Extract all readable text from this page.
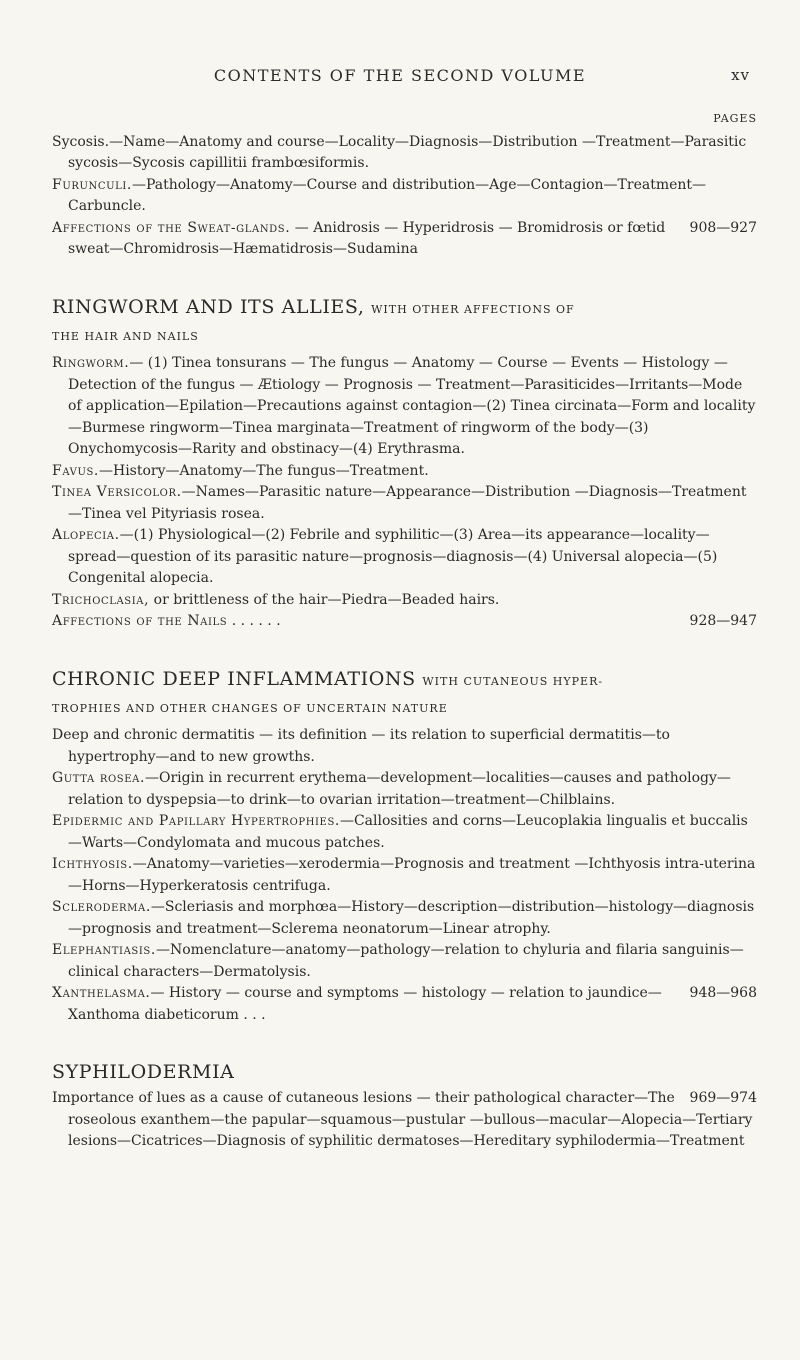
CONTENTS OF THE SECOND VOLUME	xv
PAGES

Sycosis.—Name—Anatomy and course—Locality—Diagnosis—Distribution —Treatment—Parasitic sycosis—Sycosis capillitii frambœsiformis.

Furunculi.—Pathology—Anatomy—Course and distribution—Age—Contagion—Treatment—Carbuncle.

908—927
Affections of the Sweat-glands. — Anidrosis — Hyperidrosis — Bromidrosis or fœtid sweat—Chromidrosis—Hæmatidrosis—Sudamina

RINGWORM AND ITS ALLIES, WITH OTHER AFFECTIONS OF
THE HAIR AND NAILS

Ringworm.— (1) Tinea tonsurans — The fungus — Anatomy — Course — Events — Histology — Detection of the fungus — Ætiology — Prognosis — Treatment—Parasiticides—Irritants—Mode of application—Epilation—Precautions against contagion—(2) Tinea circinata—Form and locality—Burmese ringworm—Tinea marginata—Treatment of ringworm of the body—(3) Onychomycosis—Rarity and obstinacy—(4) Erythrasma.

Favus.—History—Anatomy—The fungus—Treatment.

Tinea Versicolor.—Names—Parasitic nature—Appearance—Distribution —Diagnosis—Treatment—Tinea vel Pityriasis rosea.

Alopecia.—(1) Physiological—(2) Febrile and syphilitic—(3) Area—its appearance—locality—spread—question of its parasitic nature—prognosis—diagnosis—(4) Universal alopecia—(5) Congenital alopecia.

Trichoclasia, or brittleness of the hair—Piedra—Beaded hairs.

928—947
Affections of the Nails . . . . . .

CHRONIC DEEP INFLAMMATIONS WITH CUTANEOUS HYPER-
TROPHIES AND OTHER CHANGES OF UNCERTAIN NATURE

Deep and chronic dermatitis — its definition — its relation to superficial dermatitis—to hypertrophy—and to new growths.

Gutta rosea.—Origin in recurrent erythema—development—localities—causes and pathology—relation to dyspepsia—to drink—to ovarian irritation—treatment—Chilblains.

Epidermic and Papillary Hypertrophies.—Callosities and corns—Leucoplakia lingualis et buccalis—Warts—Condylomata and mucous patches.

Ichthyosis.—Anatomy—varieties—xerodermia—Prognosis and treatment —Ichthyosis intra-uterina—Horns—Hyperkeratosis centrifuga.

Scleroderma.—Scleriasis and morphœa—History—description—distribution—histology—diagnosis—prognosis and treatment—Sclerema neonatorum—Linear atrophy.

Elephantiasis.—Nomenclature—anatomy—pathology—relation to chyluria and filaria sanguinis—clinical characters—Dermatolysis.

948—968
Xanthelasma.— History — course and symptoms — histology — relation to jaundice—Xanthoma diabeticorum . . .

SYPHILODERMIA

969—974
Importance of lues as a cause of cutaneous lesions — their pathological character—The roseolous exanthem—the papular—squamous—pustular —bullous—macular—Alopecia—Tertiary lesions—Cicatrices—Diagnosis of syphilitic dermatoses—Hereditary syphilodermia—Treatment
